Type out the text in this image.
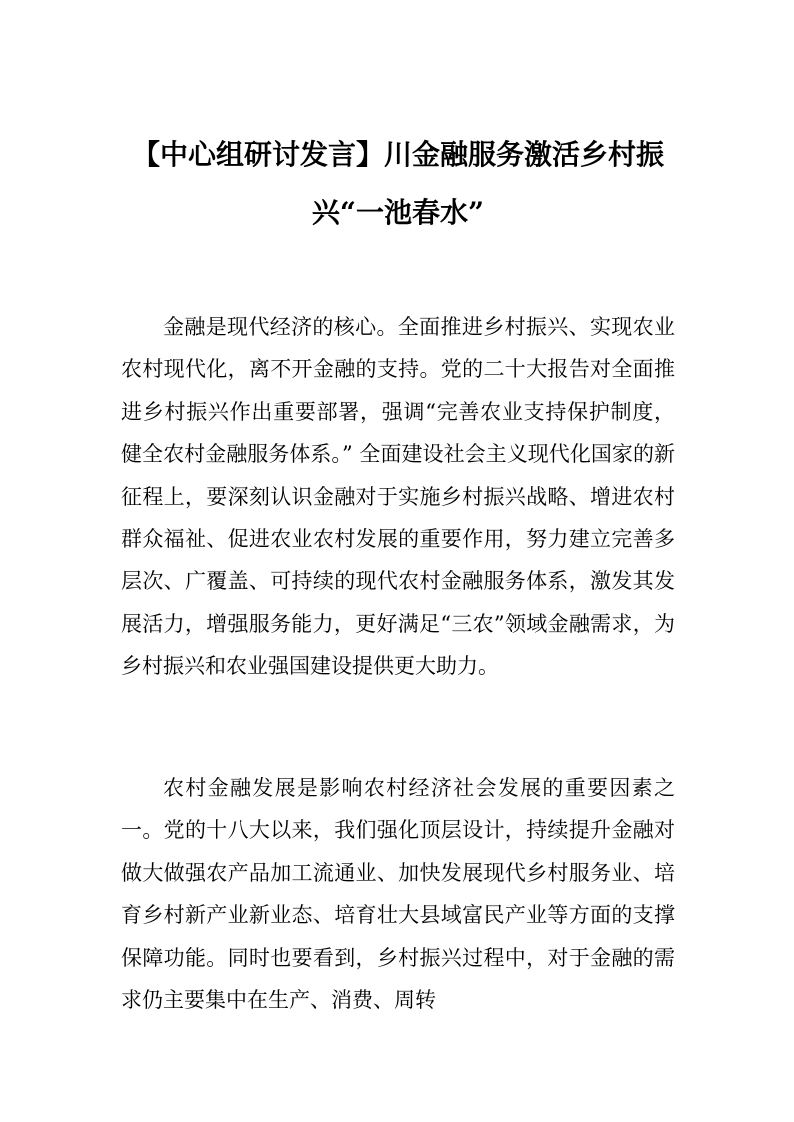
【中心组研讨发言】川金融服务激活乡村振
兴“一池春水”

金融是现代经济的核心。全面推进乡村振兴、实现农业农村现代化，离不开金融的支持。党的二十大报告对全面推进乡村振兴作出重要部署，强调“完善农业支持保护制度，健全农村金融服务体系。” 全面建设社会主义现代化国家的新征程上，要深刻认识金融对于实施乡村振兴战略、增进农村群众福祉、促进农业农村发展的重要作用，努力建立完善多层次、广覆盖、可持续的现代农村金融服务体系，激发其发展活力，增强服务能力，更好满足“三农”领域金融需求，为乡村振兴和农业强国建设提供更大助力。

农村金融发展是影响农村经济社会发展的重要因素之一。党的十八大以来，我们强化顶层设计，持续提升金融对做大做强农产品加工流通业、加快发展现代乡村服务业、培育乡村新产业新业态、培育壮大县域富民产业等方面的支撑保障功能。同时也要看到，乡村振兴过程中，对于金融的需求仍主要集中在生产、消费、周转
